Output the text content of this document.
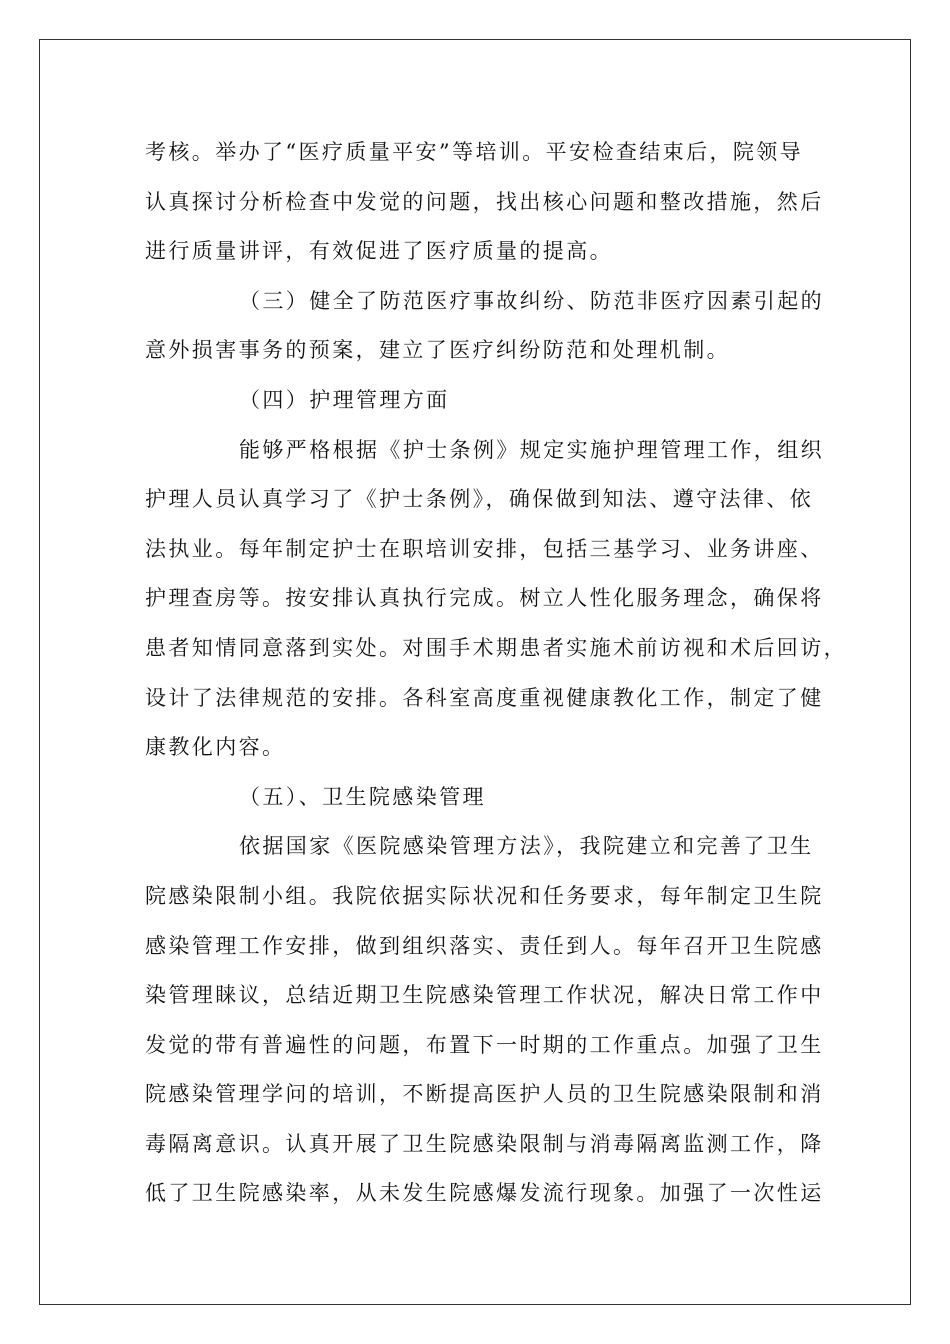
考核。举办了“医疗质量平安”等培训。平安检查结束后，院领导
认真探讨分析检查中发觉的问题，找出核心问题和整改措施，然后
进行质量讲评，有效促进了医疗质量的提高。
（三）健全了防范医疗事故纠纷、防范非医疗因素引起的
意外损害事务的预案，建立了医疗纠纷防范和处理机制。
（四）护理管理方面
能够严格根据《护士条例》规定实施护理管理工作，组织
护理人员认真学习了《护士条例》，确保做到知法、遵守法律、依
法执业。每年制定护士在职培训安排，包括三基学习、业务讲座、
护理查房等。按安排认真执行完成。树立人性化服务理念，确保将
患者知情同意落到实处。对围手术期患者实施术前访视和术后回访，
设计了法律规范的安排。各科室高度重视健康教化工作，制定了健
康教化内容。
（五）、卫生院感染管理
依据国家《医院感染管理方法》，我院建立和完善了卫生
院感染限制小组。我院依据实际状况和任务要求，每年制定卫生院
感染管理工作安排，做到组织落实、责任到人。每年召开卫生院感
染管理睐议，总结近期卫生院感染管理工作状况，解决日常工作中
发觉的带有普遍性的问题，布置下一时期的工作重点。加强了卫生
院感染管理学问的培训，不断提高医护人员的卫生院感染限制和消
毒隔离意识。认真开展了卫生院感染限制与消毒隔离监测工作，降
低了卫生院感染率，从未发生院感爆发流行现象。加强了一次性运
